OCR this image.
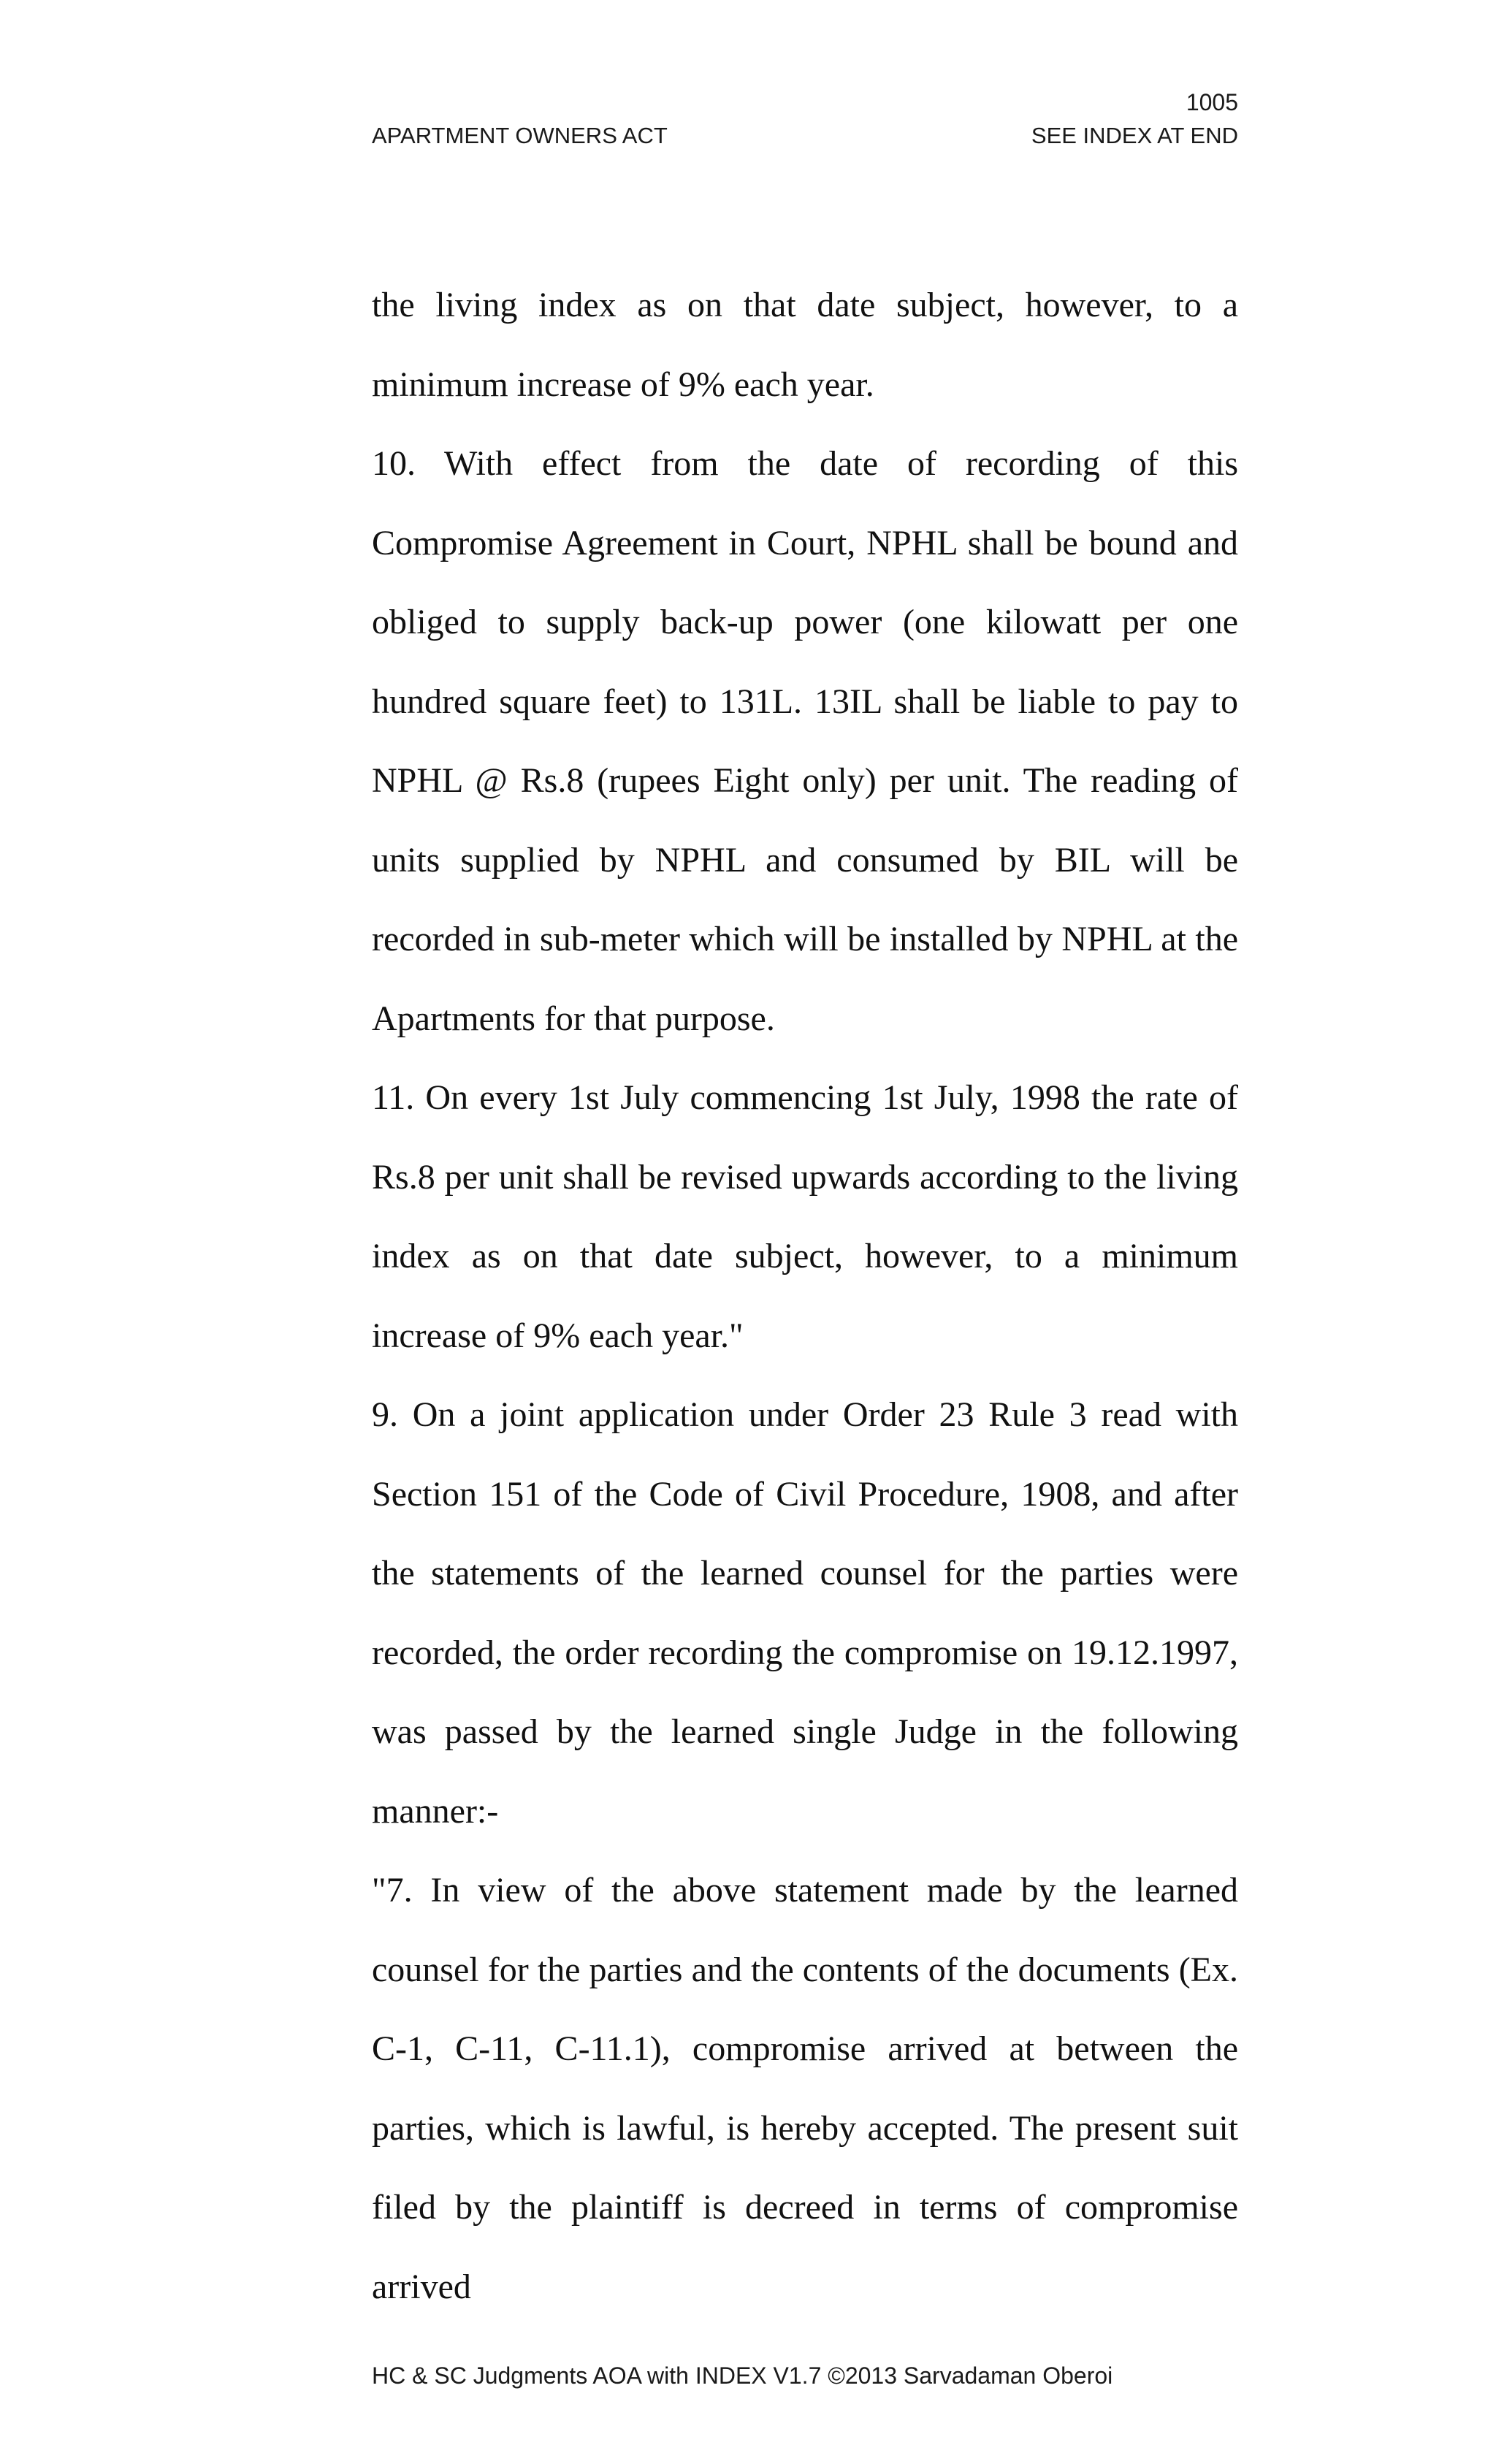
1005
APARTMENT OWNERS ACT	SEE INDEX AT END

the living index as on that date subject, however, to a minimum increase of 9% each year.

10. With effect from the date of recording of this Compromise Agreement in Court, NPHL shall be bound and obliged to supply back-up power (one kilowatt per one hundred square feet) to 131L. 13IL shall be liable to pay to NPHL @ Rs.8 (rupees Eight only) per unit. The reading of units supplied by NPHL and consumed by BIL will be recorded in sub-meter which will be installed by NPHL at the Apartments for that purpose.

11. On every 1st July commencing 1st July, 1998 the rate of Rs.8 per unit shall be revised upwards according to the living index as on that date subject, however, to a minimum increase of 9% each year."

9. On a joint application under Order 23 Rule 3 read with Section 151 of the Code of Civil Procedure, 1908, and after the statements of the learned counsel for the parties were recorded, the order recording the compromise on 19.12.1997, was passed by the learned single Judge in the following manner:-

"7. In view of the above statement made by the learned counsel for the parties and the contents of the documents (Ex. C-1, C-11, C-11.1), compromise arrived at between the parties, which is lawful, is hereby accepted. The present suit filed by the plaintiff is decreed in terms of compromise arrived

HC & SC Judgments AOA with INDEX V1.7 ©2013 Sarvadaman Oberoi
